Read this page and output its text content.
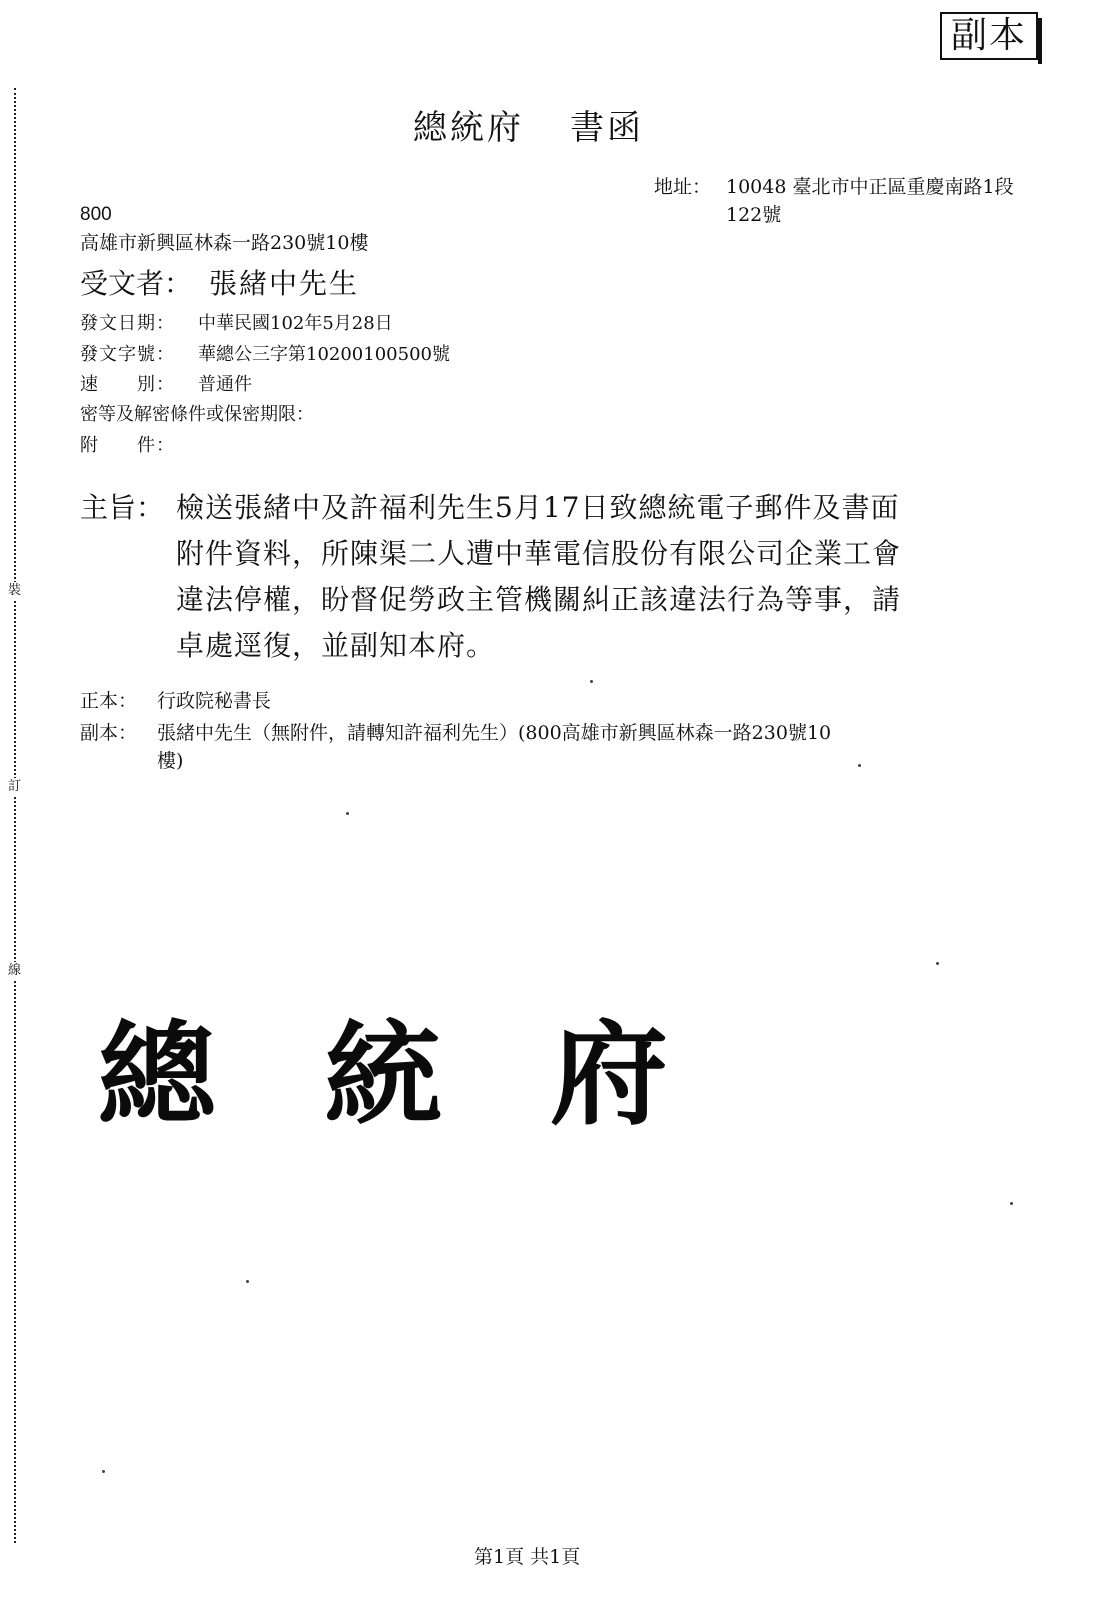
裝
訂
線
副本
總統府 書函
地址： 10048 臺北市中正區重慶南路1段
122號
800
高雄市新興區林森一路230號10樓
受文者： 張緒中先生
發文日期： 中華民國102年5月28日
發文字號： 華總公三字第10200100500號
速　　別： 普通件
密等及解密條件或保密期限：
附　　件：
主旨： 檢送張緒中及許福利先生5月17日致總統電子郵件及書面
附件資料，所陳渠二人遭中華電信股份有限公司企業工會
違法停權，盼督促勞政主管機關糾正該違法行為等事，請
卓處逕復，並副知本府。
正本： 行政院秘書長
副本： 張緒中先生（無附件，請轉知許福利先生）(800高雄市新興區林森一路230號10
樓)
總 統 府
第1頁 共1頁
